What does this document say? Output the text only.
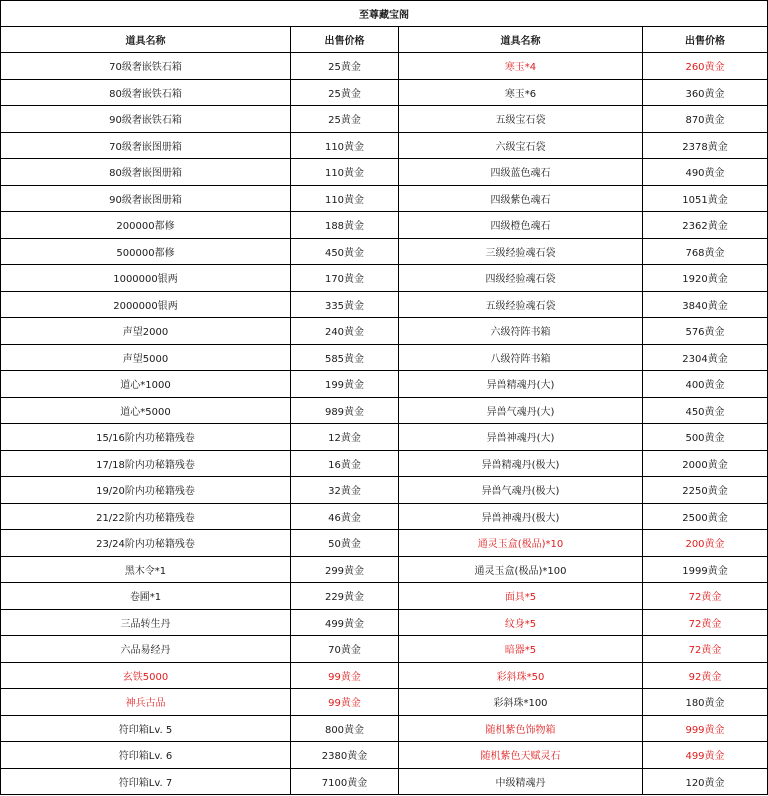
至尊藏宝阁			
道具名称	出售价格	道具名称	出售价格
70级奢嵌铁石箱	25黄金	寒玉*4	260黄金
80级奢嵌铁石箱	25黄金	寒玉*6	360黄金
90级奢嵌铁石箱	25黄金	五级宝石袋	870黄金
70级奢嵌图册箱	110黄金	六级宝石袋	2378黄金
80级奢嵌图册箱	110黄金	四级蓝色魂石	490黄金
90级奢嵌图册箱	110黄金	四级紫色魂石	1051黄金
200000都修	188黄金	四级橙色魂石	2362黄金
500000都修	450黄金	三级经验魂石袋	768黄金
1000000银两	170黄金	四级经验魂石袋	1920黄金
2000000银两	335黄金	五级经验魂石袋	3840黄金
声望2000	240黄金	六级符阵书箱	576黄金
声望5000	585黄金	八级符阵书箱	2304黄金
道心*1000	199黄金	异兽精魂丹(大)	400黄金
道心*5000	989黄金	异兽气魂丹(大)	450黄金
15/16阶内功秘籍残卷	12黄金	异兽神魂丹(大)	500黄金
17/18阶内功秘籍残卷	16黄金	异兽精魂丹(极大)	2000黄金
19/20阶内功秘籍残卷	32黄金	异兽气魂丹(极大)	2250黄金
21/22阶内功秘籍残卷	46黄金	异兽神魂丹(极大)	2500黄金
23/24阶内功秘籍残卷	50黄金	通灵玉盒(极品)*10	200黄金
黑木令*1	299黄金	通灵玉盒(极品)*100	1999黄金
卷圃*1	229黄金	面具*5	72黄金
三品转生丹	499黄金	纹身*5	72黄金
六品易经丹	70黄金	暗器*5	72黄金
玄铁5000	99黄金	彩斜珠*50	92黄金
神兵古品	99黄金	彩斜珠*100	180黄金
符印箱Lv. 5	800黄金	随机紫色饰物箱	999黄金
符印箱Lv. 6	2380黄金	随机紫色天赋灵石	499黄金
符印箱Lv. 7	7100黄金	中级精魂丹	120黄金
